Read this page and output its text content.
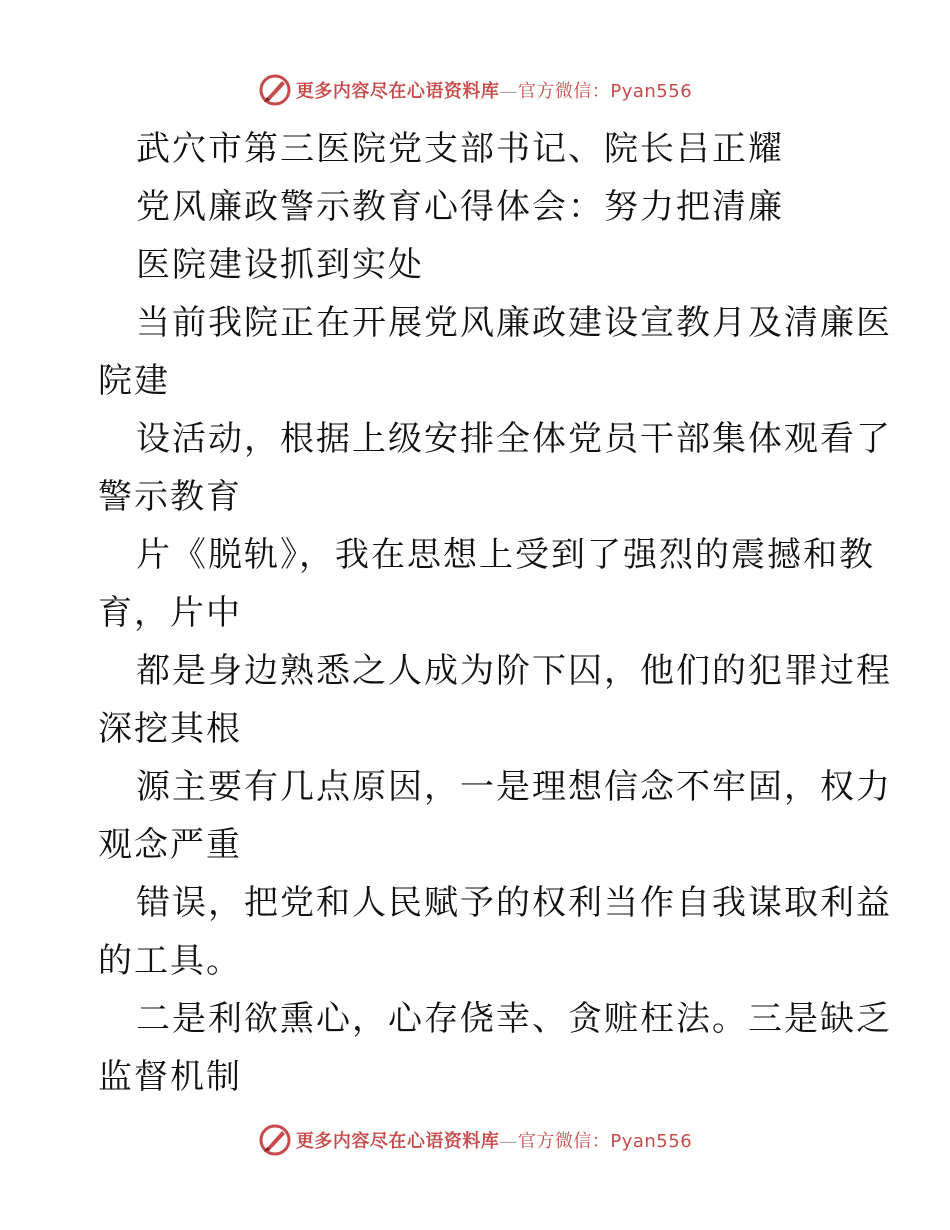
更多内容尽在心语资料库—官方微信：Pyan556
武穴市第三医院党支部书记、院长吕正耀
党风廉政警示教育心得体会：努力把清廉
医院建设抓到实处
当前我院正在开展党风廉政建设宣教月及清廉医
院建
设活动，根据上级安排全体党员干部集体观看了
警示教育
片《脱轨》，我在思想上受到了强烈的震撼和教
育，片中
都是身边熟悉之人成为阶下囚，他们的犯罪过程
深挖其根
源主要有几点原因，一是理想信念不牢固，权力
观念严重
错误，把党和人民赋予的权利当作自我谋取利益
的工具。
二是利欲熏心，心存侥幸、贪赃枉法。三是缺乏
监督机制
更多内容尽在心语资料库—官方微信：Pyan556
